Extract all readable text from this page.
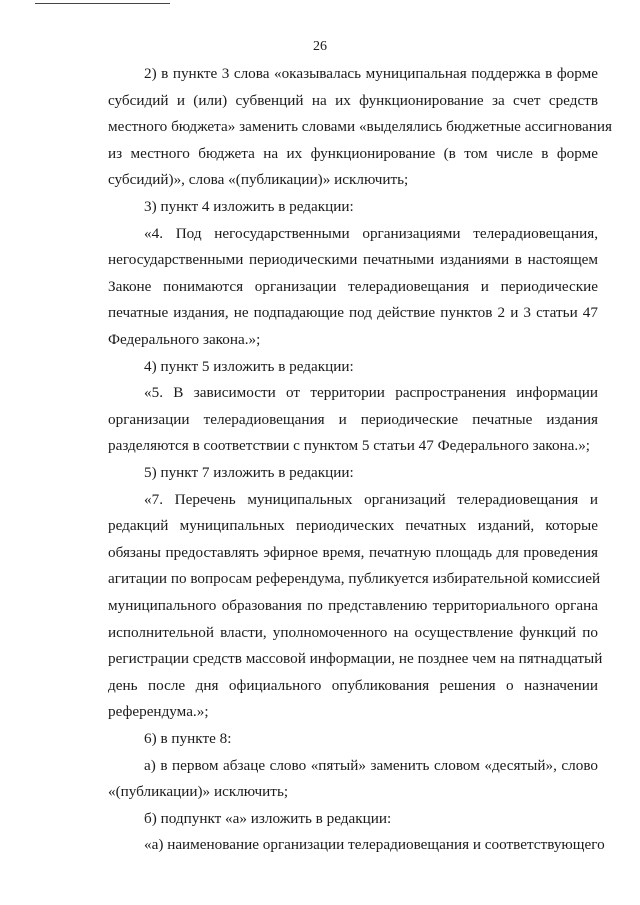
26
2) в пункте 3 слова «оказывалась муниципальная поддержка в форме
субсидий и (или) субвенций на их функционирование за счет средств
местного бюджета» заменить словами «выделялись бюджетные ассигнования
из местного бюджета на их функционирование (в том числе в форме
субсидий)», слова «(публикации)» исключить;
3) пункт 4 изложить в редакции:
«4. Под негосударственными организациями телерадиовещания,
негосударственными периодическими печатными изданиями в настоящем
Законе понимаются организации телерадиовещания и периодические
печатные издания, не подпадающие под действие пунктов 2 и 3 статьи 47
Федерального закона.»;
4) пункт 5 изложить в редакции:
«5. В зависимости от территории распространения информации
организации телерадиовещания и периодические печатные издания
разделяются в соответствии с пунктом 5 статьи 47 Федерального закона.»;
5) пункт 7 изложить в редакции:
«7. Перечень муниципальных организаций телерадиовещания и
редакций муниципальных периодических печатных изданий, которые
обязаны предоставлять эфирное время, печатную площадь для проведения
агитации по вопросам референдума, публикуется избирательной комиссией
муниципального образования по представлению территориального органа
исполнительной власти, уполномоченного на осуществление функций по
регистрации средств массовой информации, не позднее чем на пятнадцатый
день после дня официального опубликования решения о назначении
референдума.»;
6) в пункте 8:
а) в первом абзаце слово «пятый» заменить словом «десятый», слово
«(публикации)» исключить;
б) подпункт «а» изложить в редакции:
«а) наименование организации телерадиовещания и соответствующего
